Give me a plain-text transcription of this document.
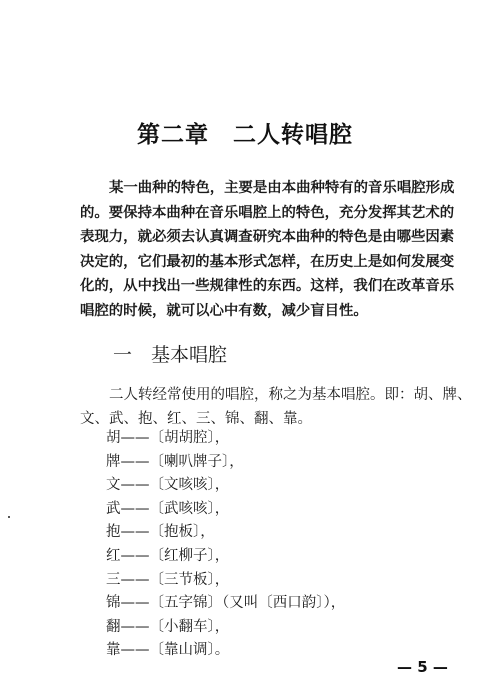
第二章　二人转唱腔
某一曲种的特色，主要是由本曲种特有的音乐唱腔形成
的。要保持本曲种在音乐唱腔上的特色，充分发挥其艺术的
表现力，就必须去认真调查研究本曲种的特色是由哪些因素
决定的，它们最初的基本形式怎样，在历史上是如何发展变
化的，从中找出一些规律性的东西。这样，我们在改革音乐
唱腔的时候，就可以心中有数，减少盲目性。
一　基本唱腔
二人转经常使用的唱腔，称之为基本唱腔。即：胡、牌、
文、武、抱、红、三、锦、翻、靠。
胡——〔胡胡腔〕，
牌——〔喇叭牌子〕，
文——〔文咳咳〕，
武——〔武咳咳〕，
抱——〔抱板〕，
红——〔红柳子〕，
三——〔三节板〕，
锦——〔五字锦〕（又叫〔西口韵〕），
翻——〔小翻车〕，
靠——〔靠山调〕。
— 5 —
